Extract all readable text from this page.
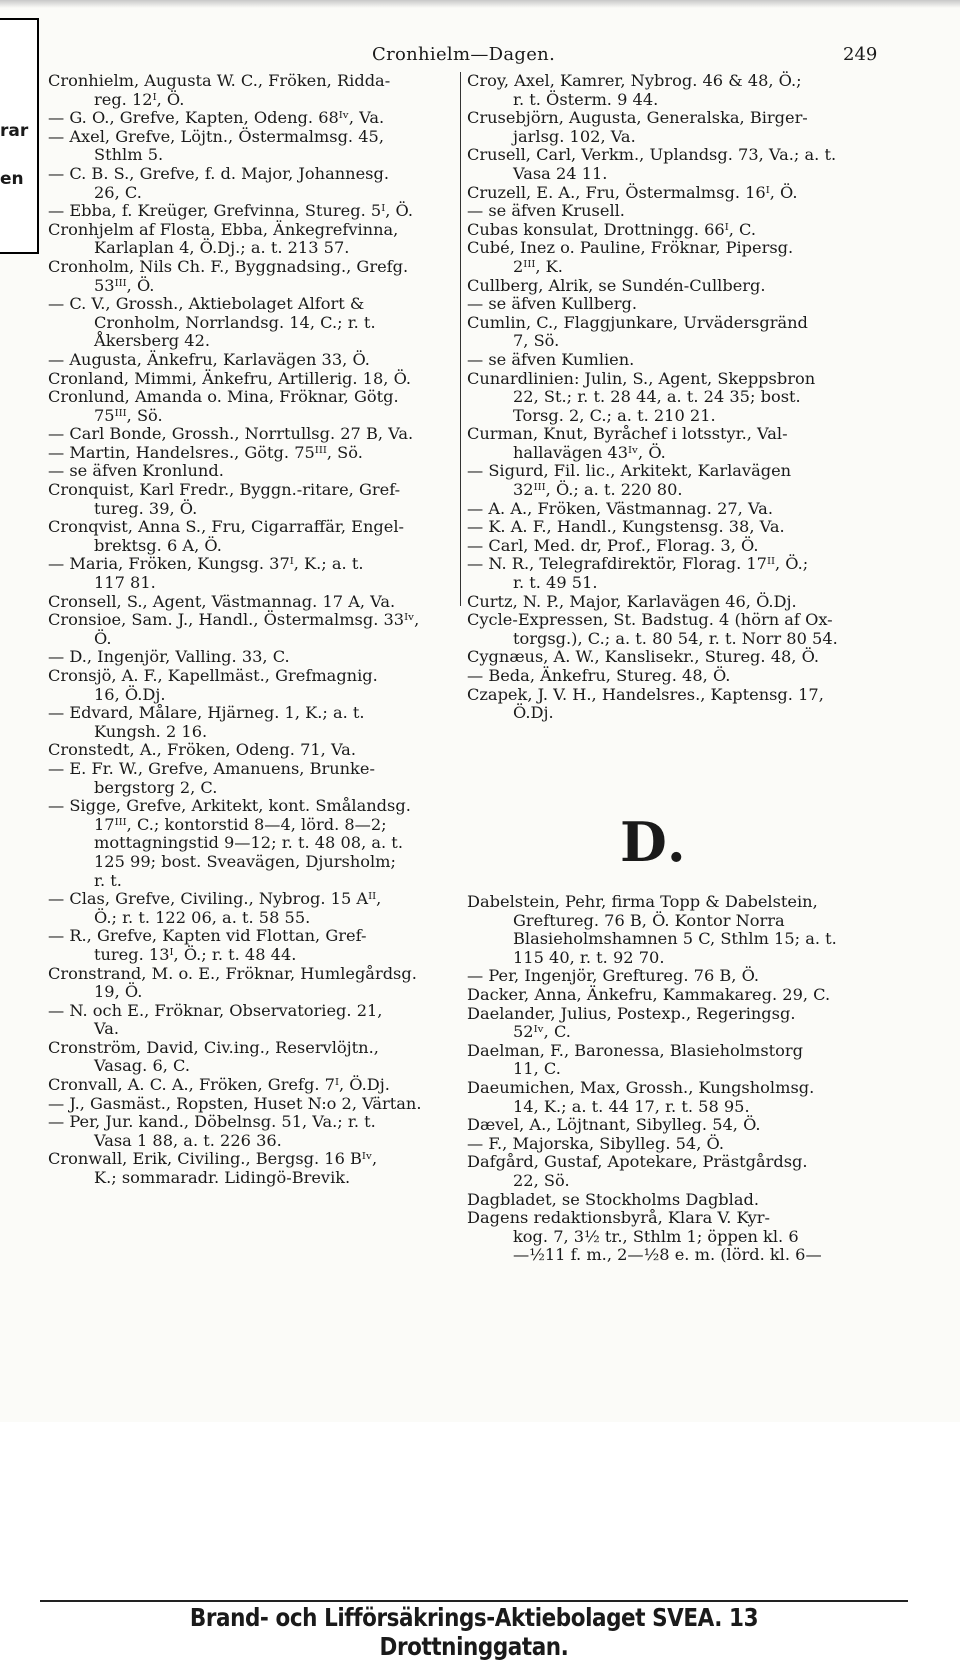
rar
en
Cronhielm—Dagen.	249
Cronhielm, Augusta W. C., Fröken, Ridda-
reg. 12ᴵ, Ö.
— G. O., Grefve, Kapten, Odeng. 68ᴵᵛ, Va.
— Axel, Grefve, Löjtn., Östermalmsg. 45,
Sthlm 5.
— C. B. S., Grefve, f. d. Major, Johannesg.
26, C.
— Ebba, f. Kreüger, Grefvinna, Stureg. 5ᴵ, Ö.
Cronhjelm af Flosta, Ebba, Änkegrefvinna,
Karlaplan 4, Ö.Dj.; a. t. 213 57.
Cronholm, Nils Ch. F., Byggnadsing., Grefg.
53ᴵᴵᴵ, Ö.
— C. V., Grossh., Aktiebolaget Alfort &
Cronholm, Norrlandsg. 14, C.; r. t.
Åkersberg 42.
— Augusta, Änkefru, Karlavägen 33, Ö.
Cronland, Mimmi, Änkefru, Artillerig. 18, Ö.
Cronlund, Amanda o. Mina, Fröknar, Götg.
75ᴵᴵᴵ, Sö.
— Carl Bonde, Grossh., Norrtullsg. 27 B, Va.
— Martin, Handelsres., Götg. 75ᴵᴵᴵ, Sö.
— se äfven Kronlund.
Cronquist, Karl Fredr., Byggn.-ritare, Gref-
tureg. 39, Ö.
Cronqvist, Anna S., Fru, Cigarraffär, Engel-
brektsg. 6 A, Ö.
— Maria, Fröken, Kungsg. 37ᴵ, K.; a. t.
117 81.
Cronsell, S., Agent, Västmannag. 17 A, Va.
Cronsioe, Sam. J., Handl., Östermalmsg. 33ᴵᵛ,
Ö.
— D., Ingenjör, Valling. 33, C.
Cronsjö, A. F., Kapellmäst., Grefmagnig.
16, Ö.Dj.
— Edvard, Målare, Hjärneg. 1, K.; a. t.
Kungsh. 2 16.
Cronstedt, A., Fröken, Odeng. 71, Va.
— E. Fr. W., Grefve, Amanuens, Brunke-
bergstorg 2, C.
— Sigge, Grefve, Arkitekt, kont. Smålandsg.
17ᴵᴵᴵ, C.; kontorstid 8—4, lörd. 8—2;
mottagningstid 9—12; r. t. 48 08, a. t.
125 99; bost. Sveavägen, Djursholm;
r. t.
— Clas, Grefve, Civiling., Nybrog. 15 Aᴵᴵ,
Ö.; r. t. 122 06, a. t. 58 55.
— R., Grefve, Kapten vid Flottan, Gref-
tureg. 13ᴵ, Ö.; r. t. 48 44.
Cronstrand, M. o. E., Fröknar, Humlegårdsg.
19, Ö.
— N. och E., Fröknar, Observatorieg. 21,
Va.
Cronström, David, Civ.ing., Reservlöjtn.,
Vasag. 6, C.
Cronvall, A. C. A., Fröken, Grefg. 7ᴵ, Ö.Dj.
— J., Gasmäst., Ropsten, Huset N:o 2, Värtan.
— Per, Jur. kand., Döbelnsg. 51, Va.; r. t.
Vasa 1 88, a. t. 226 36.
Cronwall, Erik, Civiling., Bergsg. 16 Bᴵᵛ,
K.; sommaradr. Lidingö-Brevik.
Croy, Axel, Kamrer, Nybrog. 46 & 48, Ö.;
r. t. Österm. 9 44.
Crusebjörn, Augusta, Generalska, Birger-
jarlsg. 102, Va.
Crusell, Carl, Verkm., Uplandsg. 73, Va.; a. t.
Vasa 24 11.
Cruzell, E. A., Fru, Östermalmsg. 16ᴵ, Ö.
— se äfven Krusell.
Cubas konsulat, Drottningg. 66ᴵ, C.
Cubé, Inez o. Pauline, Fröknar, Pipersg.
2ᴵᴵᴵ, K.
Cullberg, Alrik, se Sundén-Cullberg.
— se äfven Kullberg.
Cumlin, C., Flaggjunkare, Urvädersgränd
7, Sö.
— se äfven Kumlien.
Cunardlinien: Julin, S., Agent, Skeppsbron
22, St.; r. t. 28 44, a. t. 24 35; bost.
Torsg. 2, C.; a. t. 210 21.
Curman, Knut, Byråchef i lotsstyr., Val-
hallavägen 43ᴵᵛ, Ö.
— Sigurd, Fil. lic., Arkitekt, Karlavägen
32ᴵᴵᴵ, Ö.; a. t. 220 80.
— A. A., Fröken, Västmannag. 27, Va.
— K. A. F., Handl., Kungstensg. 38, Va.
— Carl, Med. dr, Prof., Florag. 3, Ö.
— N. R., Telegrafdirektör, Florag. 17ᴵᴵ, Ö.;
r. t. 49 51.
Curtz, N. P., Major, Karlavägen 46, Ö.Dj.
Cycle-Expressen, St. Badstug. 4 (hörn af Ox-
torgsg.), C.; a. t. 80 54, r. t. Norr 80 54.
Cygnæus, A. W., Kanslisekr., Stureg. 48, Ö.
— Beda, Änkefru, Stureg. 48, Ö.
Czapek, J. V. H., Handelsres., Kaptensg. 17,
Ö.Dj.
D.
Dabelstein, Pehr, firma Topp & Dabelstein,
Greftureg. 76 B, Ö. Kontor Norra
Blasieholmshamnen 5 C, Sthlm 15; a. t.
115 40, r. t. 92 70.
— Per, Ingenjör, Greftureg. 76 B, Ö.
Dacker, Anna, Änkefru, Kammakareg. 29, C.
Daelander, Julius, Postexp., Regeringsg.
52ᴵᵛ, C.
Daelman, F., Baronessa, Blasieholmstorg
11, C.
Daeumichen, Max, Grossh., Kungsholmsg.
14, K.; a. t. 44 17, r. t. 58 95.
Dævel, A., Löjtnant, Sibylleg. 54, Ö.
— F., Majorska, Sibylleg. 54, Ö.
Dafgård, Gustaf, Apotekare, Prästgårdsg.
22, Sö.
Dagbladet, se Stockholms Dagblad.
Dagens redaktionsbyrå, Klara V. Kyr-
kog. 7, 3½ tr., Sthlm 1; öppen kl. 6
—½11 f. m., 2—½8 e. m. (lörd. kl. 6—
Brand- och Lifförsäkrings-Aktiebolaget SVEA. 13 Drottninggatan.
